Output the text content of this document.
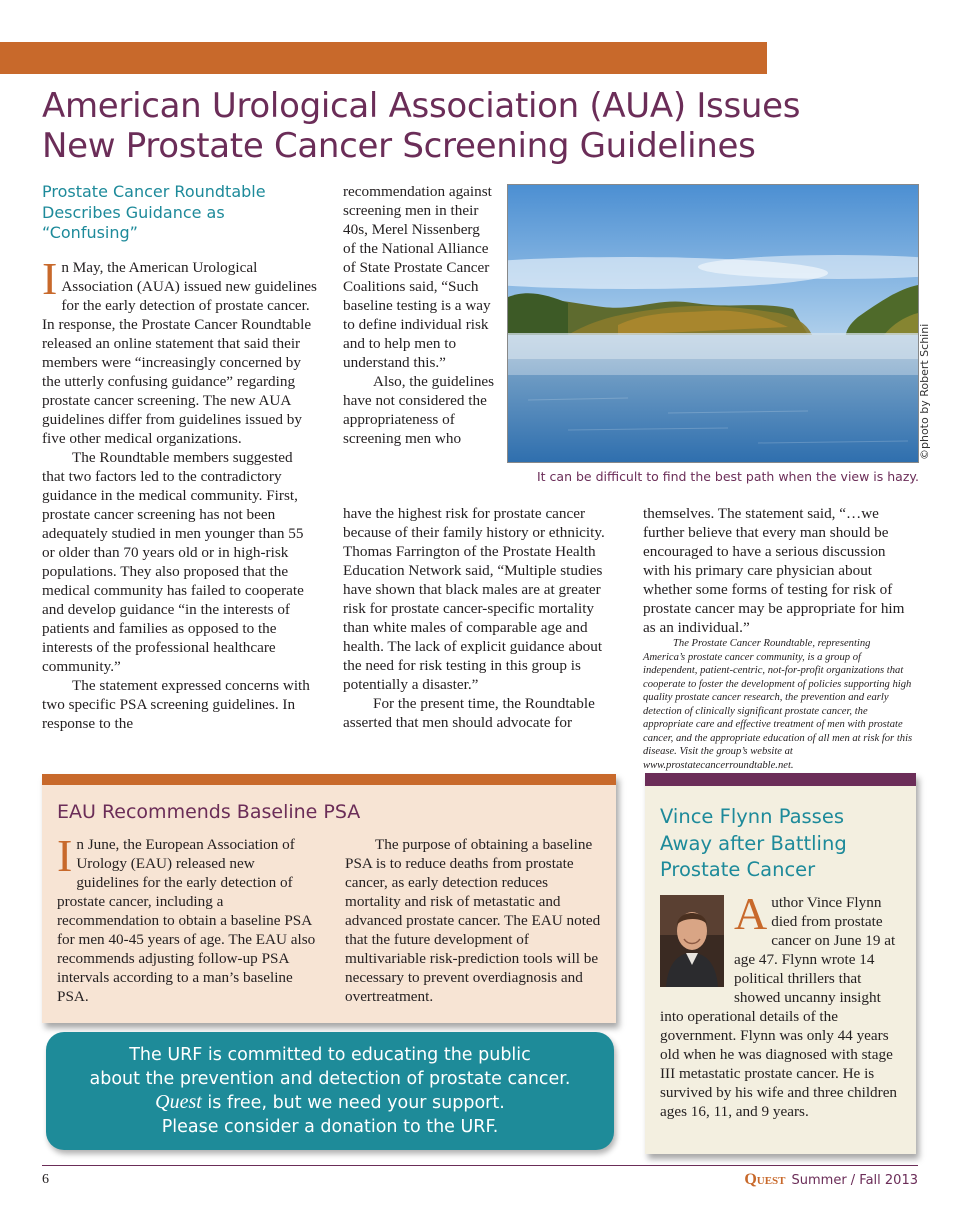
American Urological Association (AUA) Issues
New Prostate Cancer Screening Guidelines
Prostate Cancer Roundtable Describes Guidance as “Confusing”

In May, the American Urological Association (AUA) issued new guidelines for the early detection of prostate cancer. In response, the Prostate Cancer Roundtable released an online statement that said their members were “increasingly concerned by the utterly confusing guidance” regarding prostate cancer screening. The new AUA guidelines differ from guidelines issued by five other medical organizations.

The Roundtable members suggested that two factors led to the contradictory guidance in the medical community. First, prostate cancer screening has not been adequately studied in men younger than 55 or older than 70 years old or in high-risk populations. They also proposed that the medical community has failed to cooperate and develop guidance “in the interests of patients and families as opposed to the interests of the professional healthcare community.”

The statement expressed concerns with two specific PSA screening guidelines. In response to the

recommendation against screening men in their 40s, Merel Nissenberg of the National Alliance of State Prostate Cancer Coalitions said, “Such baseline testing is a way to define individual risk and to help men to understand this.”

Also, the guidelines have not considered the appropriateness of screening men who

It can be difficult to find the best path when the view is hazy.

©photo by Robert Schini

have the highest risk for prostate cancer because of their family history or ethnicity. Thomas Farrington of the Prostate Health Education Network said, “Multiple studies have shown that black males are at greater risk for prostate cancer-specific mortality than white males of comparable age and health. The lack of explicit guidance about the need for risk testing in this group is potentially a disaster.”

For the present time, the Roundtable asserted that men should advocate for

themselves. The statement said, “…we further believe that every man should be encouraged to have a serious discussion with his primary care physician about whether some forms of testing for risk of prostate cancer may be appropriate for him as an individual.”

The Prostate Cancer Roundtable, representing America’s prostate cancer community, is a group of independent, patient-centric, not-for-profit organizations that cooperate to foster the development of policies supporting high quality prostate cancer research, the prevention and early detection of clinically significant prostate cancer, the appropriate care and effective treatment of men with prostate cancer, and the appropriate education of all men at risk for this disease. Visit the group’s website at www.prostatecancerroundtable.net.

EAU Recommends Baseline PSA

In June, the European Association of Urology (EAU) released new guidelines for the early detection of prostate cancer, including a recommendation to obtain a baseline PSA for men 40-45 years of age. The EAU also recommends adjusting follow-up PSA intervals according to a man’s baseline PSA.

The purpose of obtaining a baseline PSA is to reduce deaths from prostate cancer, as early detection reduces mortality and risk of metastatic and advanced prostate cancer. The EAU noted that the future development of multivariable risk-prediction tools will be necessary to prevent overdiagnosis and overtreatment.

Vince Flynn Passes Away after Battling Prostate Cancer

Author Vince Flynn died from prostate cancer on June 19 at age 47. Flynn wrote 14 political thrillers that showed uncanny insight into operational details of the government. Flynn was only 44 years old when he was diagnosed with stage III metastatic prostate cancer. He is survived by his wife and three children ages 16, 11, and 9 years.

The URF is committed to educating the public
about the prevention and detection of prostate cancer.
Quest is free, but we need your support.
Please consider a donation to the URF.

6	Quest Summer / Fall 2013
